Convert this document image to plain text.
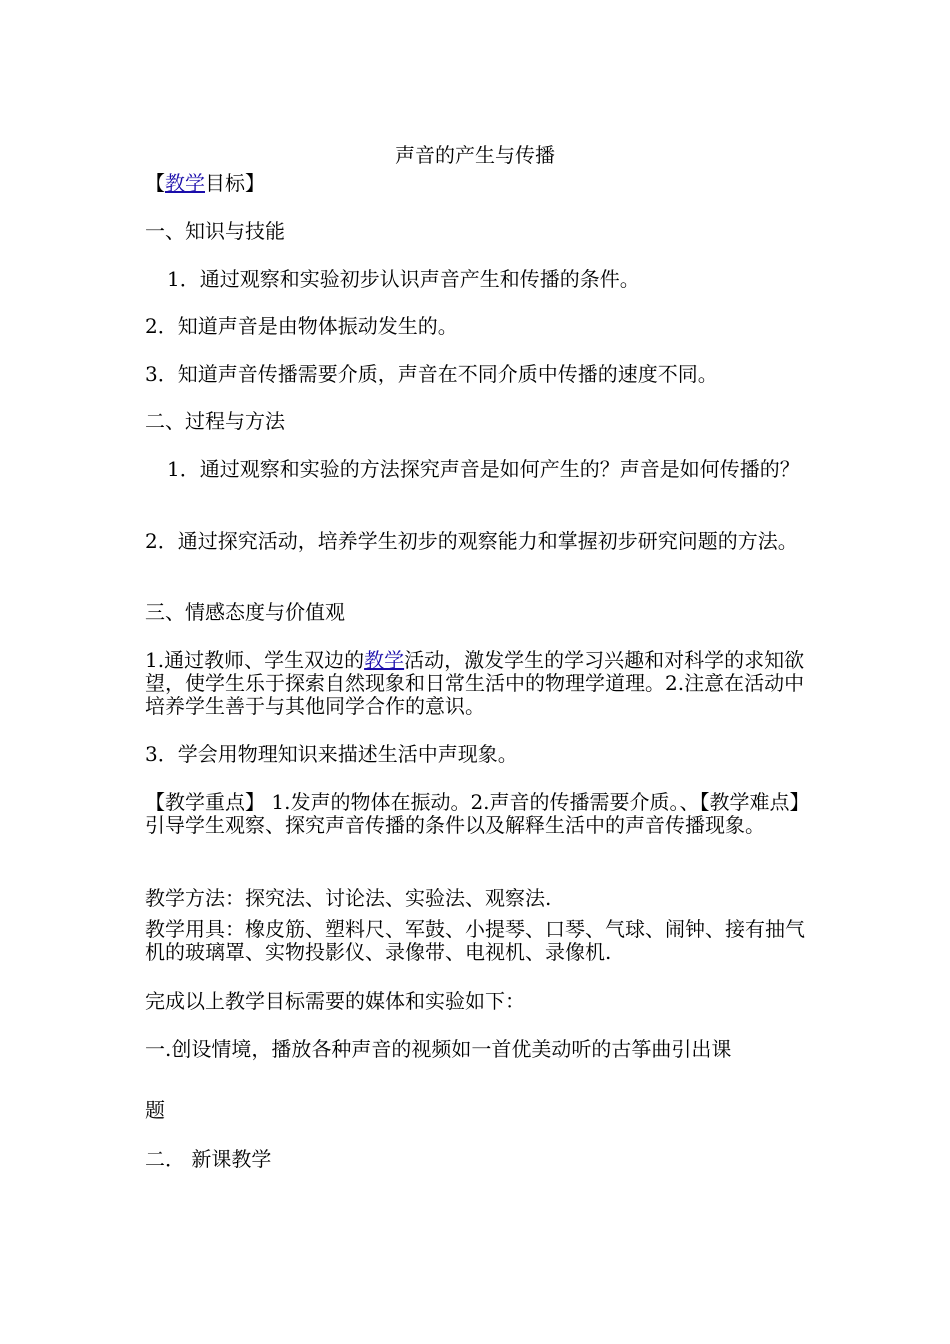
声音的产生与传播

【教学目标】

一、知识与技能

1．通过观察和实验初步认识声音产生和传播的条件。

2．知道声音是由物体振动发生的。

3．知道声音传播需要介质，声音在不同介质中传播的速度不同。

二、过程与方法

1．通过观察和实验的方法探究声音是如何产生的？声音是如何传播的？

2．通过探究活动，培养学生初步的观察能力和掌握初步研究问题的方法。

三、情感态度与价值观

1.通过教师、学生双边的教学活动，激发学生的学习兴趣和对科学的求知欲望，使学生乐于探索自然现象和日常生活中的物理学道理。2.注意在活动中培养学生善于与其他同学合作的意识。

3．学会用物理知识来描述生活中声现象。

【教学重点】 1.发声的物体在振动。2.声音的传播需要介质。、【教学难点】引导学生观察、探究声音传播的条件以及解释生活中的声音传播现象。

教学方法：探究法、讨论法、实验法、观察法.

教学用具：橡皮筋、塑料尺、军鼓、小提琴、口琴、气球、闹钟、接有抽气机的玻璃罩、实物投影仪、录像带、电视机、录像机.

完成以上教学目标需要的媒体和实验如下：

一.创设情境，播放各种声音的视频如一首优美动听的古筝曲引出课

题

二． 新课教学
